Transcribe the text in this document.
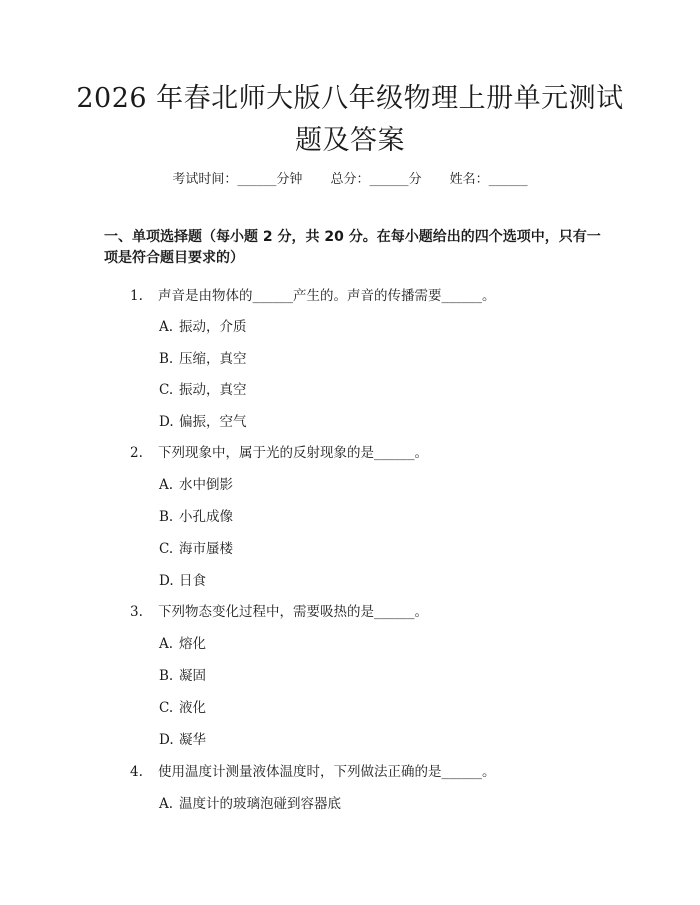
2026 年春北师大版八年级物理上册单元测试
题及答案
考试时间：______分钟 总分：______分 姓名：______
一、单项选择题（每小题 2 分，共 20 分。在每小题给出的四个选项中，只有一项是符合题目要求的）
1. 声音是由物体的______产生的。声音的传播需要______。
A. 振动，介质
B. 压缩，真空
C. 振动，真空
D. 偏振，空气
2. 下列现象中，属于光的反射现象的是______。
A. 水中倒影
B. 小孔成像
C. 海市蜃楼
D. 日食
3. 下列物态变化过程中，需要吸热的是______。
A. 熔化
B. 凝固
C. 液化
D. 凝华
4. 使用温度计测量液体温度时，下列做法正确的是______。
A. 温度计的玻璃泡碰到容器底
